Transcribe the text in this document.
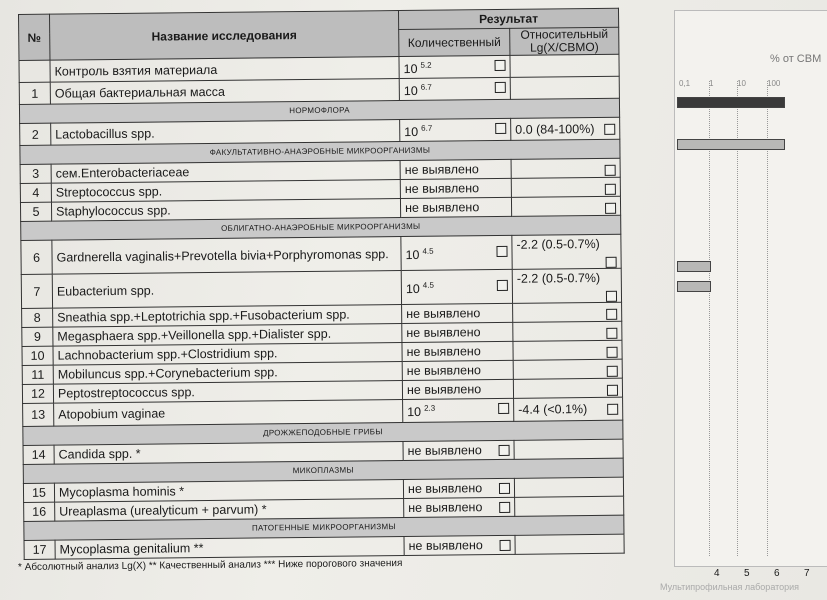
№	Название исследования	Результат	
		Количественный	Относительный Lg(X/СВМО)
	Контроль взятия материала	10 $^{5.2}$

1	Общая бактериальная масса	10 $^{6.7}$

НОРМОФЛОРА			
2	Lactobacillus spp.	10 $^{6.7}$	0.0 (84-100%)

ФАКУЛЬТАТИВНО-АНАЭРОБНЫЕ МИКРООРГАНИЗМЫ			
3	сем.Enterobacteriaceae	не выявлено	

4	Streptococcus spp.	не выявлено	

5	Staphylococcus spp.	не выявлено	

ОБЛИГАТНО-АНАЭРОБНЫЕ МИКРООРГАНИЗМЫ			
6	Gardnerella vaginalis+Prevotella bivia+Porphyromonas spp.	10 $^{4.5}$	-2.2 (0.5-0.7%)

7	Eubacterium spp.	10 $^{4.5}$	-2.2 (0.5-0.7%)

8	Sneathia spp.+Leptotrichia spp.+Fusobacterium spp.	не выявлено	

9	Megasphaera spp.+Veillonella spp.+Dialister spp.	не выявлено	

10	Lachnobacterium spp.+Clostridium spp.	не выявлено	

11	Mobiluncus spp.+Corynebacterium spp.	не выявлено	

12	Peptostreptococcus spp.	не выявлено	

13	Atopobium vaginae	10 $^{2.3}$	-4.4 (<0.1%)

ДРОЖЖЕПОДОБНЫЕ ГРИБЫ			
14	Candida spp. *	не выявлено

МИКОПЛАЗМЫ			
15	Mycoplasma hominis *	не выявлено

16	Ureaplasma (urealyticum + parvum) *	не выявлено

ПАТОГЕННЫЕ МИКРООРГАНИЗМЫ			
17	Mycoplasma genitalium **	не выявлено

* Абсолютный анализ Lg(X) ** Качественный анализ *** Ниже порогового значения
% от СВМ
0,1 1	10	100
Мультипрофильная лаборатория
4 5 6 7
